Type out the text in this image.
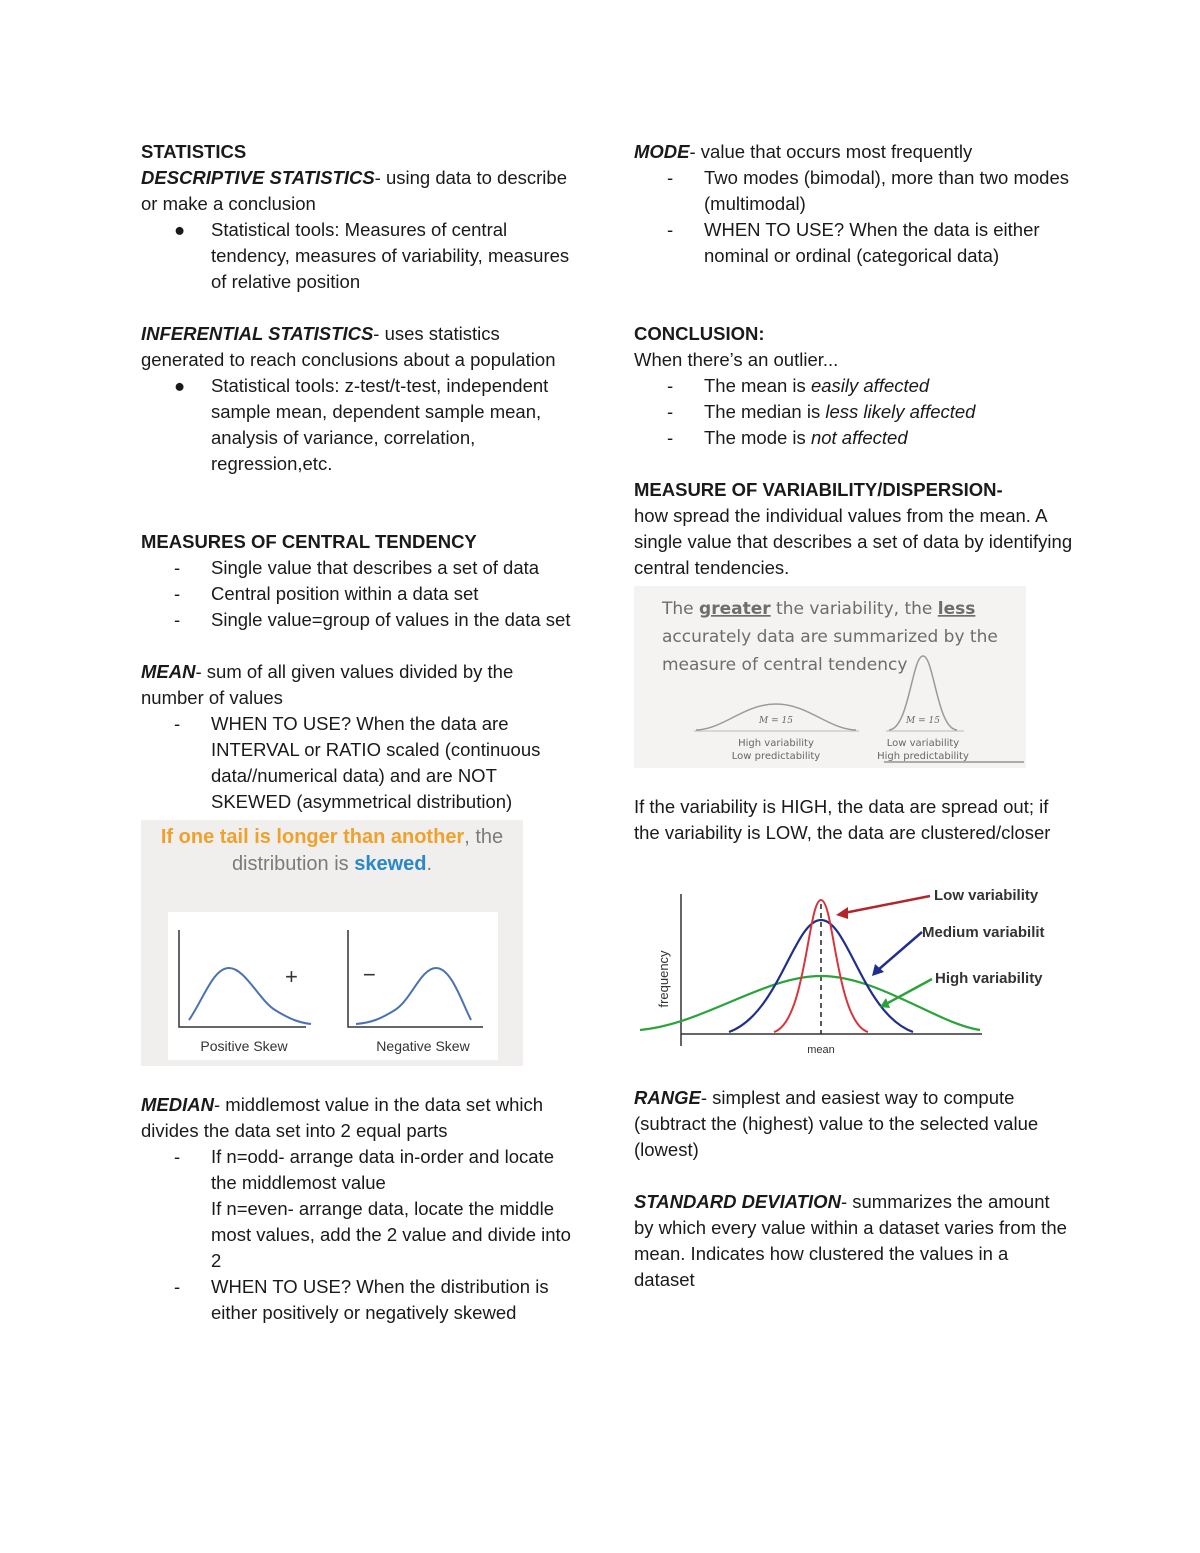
STATISTICS

DESCRIPTIVE STATISTICS- using data to describe or make a conclusion

● Statistical tools: Measures of central tendency, measures of variability, measures of relative position

INFERENTIAL STATISTICS- uses statistics generated to reach conclusions about a population

● Statistical tools: z-test/t-test, independent sample mean, dependent sample mean, analysis of variance, correlation, regression,etc.

MEASURES OF CENTRAL TENDENCY

- Single value that describes a set of data
- Central position within a data set
- Single value=group of values in the data set

MEAN- sum of all given values divided by the number of values

- WHEN TO USE? When the data are INTERVAL or RATIO scaled (continuous data//numerical data) and are NOT SKEWED (asymmetrical distribution)
If one tail is longer than another, the
distribution is skewed.
+
Positive Skew
−
Negative Skew

MEDIAN- middlemost value in the data set which divides the data set into 2 equal parts

- If n=odd- arrange data in-order and locate the middlemost value
If n=even- arrange data, locate the middle most values, add the 2 value and divide into 2
- WHEN TO USE? When the distribution is either positively or negatively skewed

MODE- value that occurs most frequently

- Two modes (bimodal), more than two modes (multimodal)
- WHEN TO USE? When the data is either nominal or ordinal (categorical data)

CONCLUSION:

When there’s an outlier...

- The mean is easily affected
- The median is less likely affected
- The mode is not affected

MEASURE OF VARIABILITY/DISPERSION-

how spread the individual values from the mean. A single value that describes a set of data by identifying central tendencies.

The greater the variability, the less
accurately data are summarized by the
measure of central tendency
M = 15
High variability
Low predictability
M = 15
Low variability
High predictability

If the variability is HIGH, the data are spread out; if the variability is LOW, the data are clustered/closer

frequency
mean
Low variability
Medium variabilit
High variability

RANGE- simplest and easiest way to compute (subtract the (highest) value to the selected value (lowest)

STANDARD DEVIATION- summarizes the amount by which every value within a dataset varies from the mean. Indicates how clustered the values in a dataset
